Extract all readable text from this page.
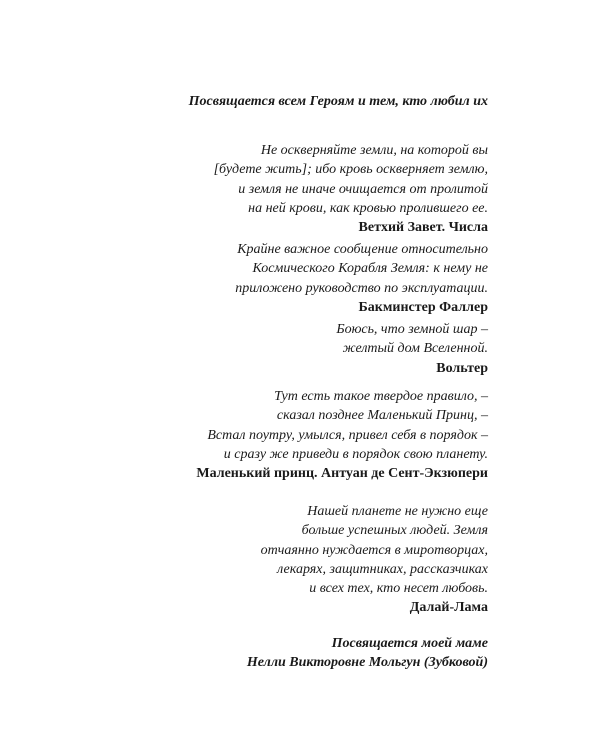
Посвящается всем Героям и тем, кто любил их
Не оскверняйте земли, на которой вы
[будете жить]; ибо кровь оскверняет землю,
и земля не иначе очищается от пролитой
на ней крови, как кровью пролившего ее.
Ветхий Завет. Числа
Крайне важное сообщение относительно
Космического Корабля Земля: к нему не
приложено руководство по эксплуатации.
Бакминстер Фаллер
Боюсь, что земной шар –
желтый дом Вселенной.
Вольтер
Тут есть такое твердое правило, –
сказал позднее Маленький Принц, –
Встал поутру, умылся, привел себя в порядок –
и сразу же приведи в порядок свою планету.
Маленький принц. Антуан де Сент-Экзюпери
Нашей планете не нужно еще
больше успешных людей. Земля
отчаянно нуждается в миротворцах,
лекарях, защитниках, рассказчиках
и всех тех, кто несет любовь.
Далай-Лама
Посвящается моей маме
Нелли Викторовне Мольгун (Зубковой)
